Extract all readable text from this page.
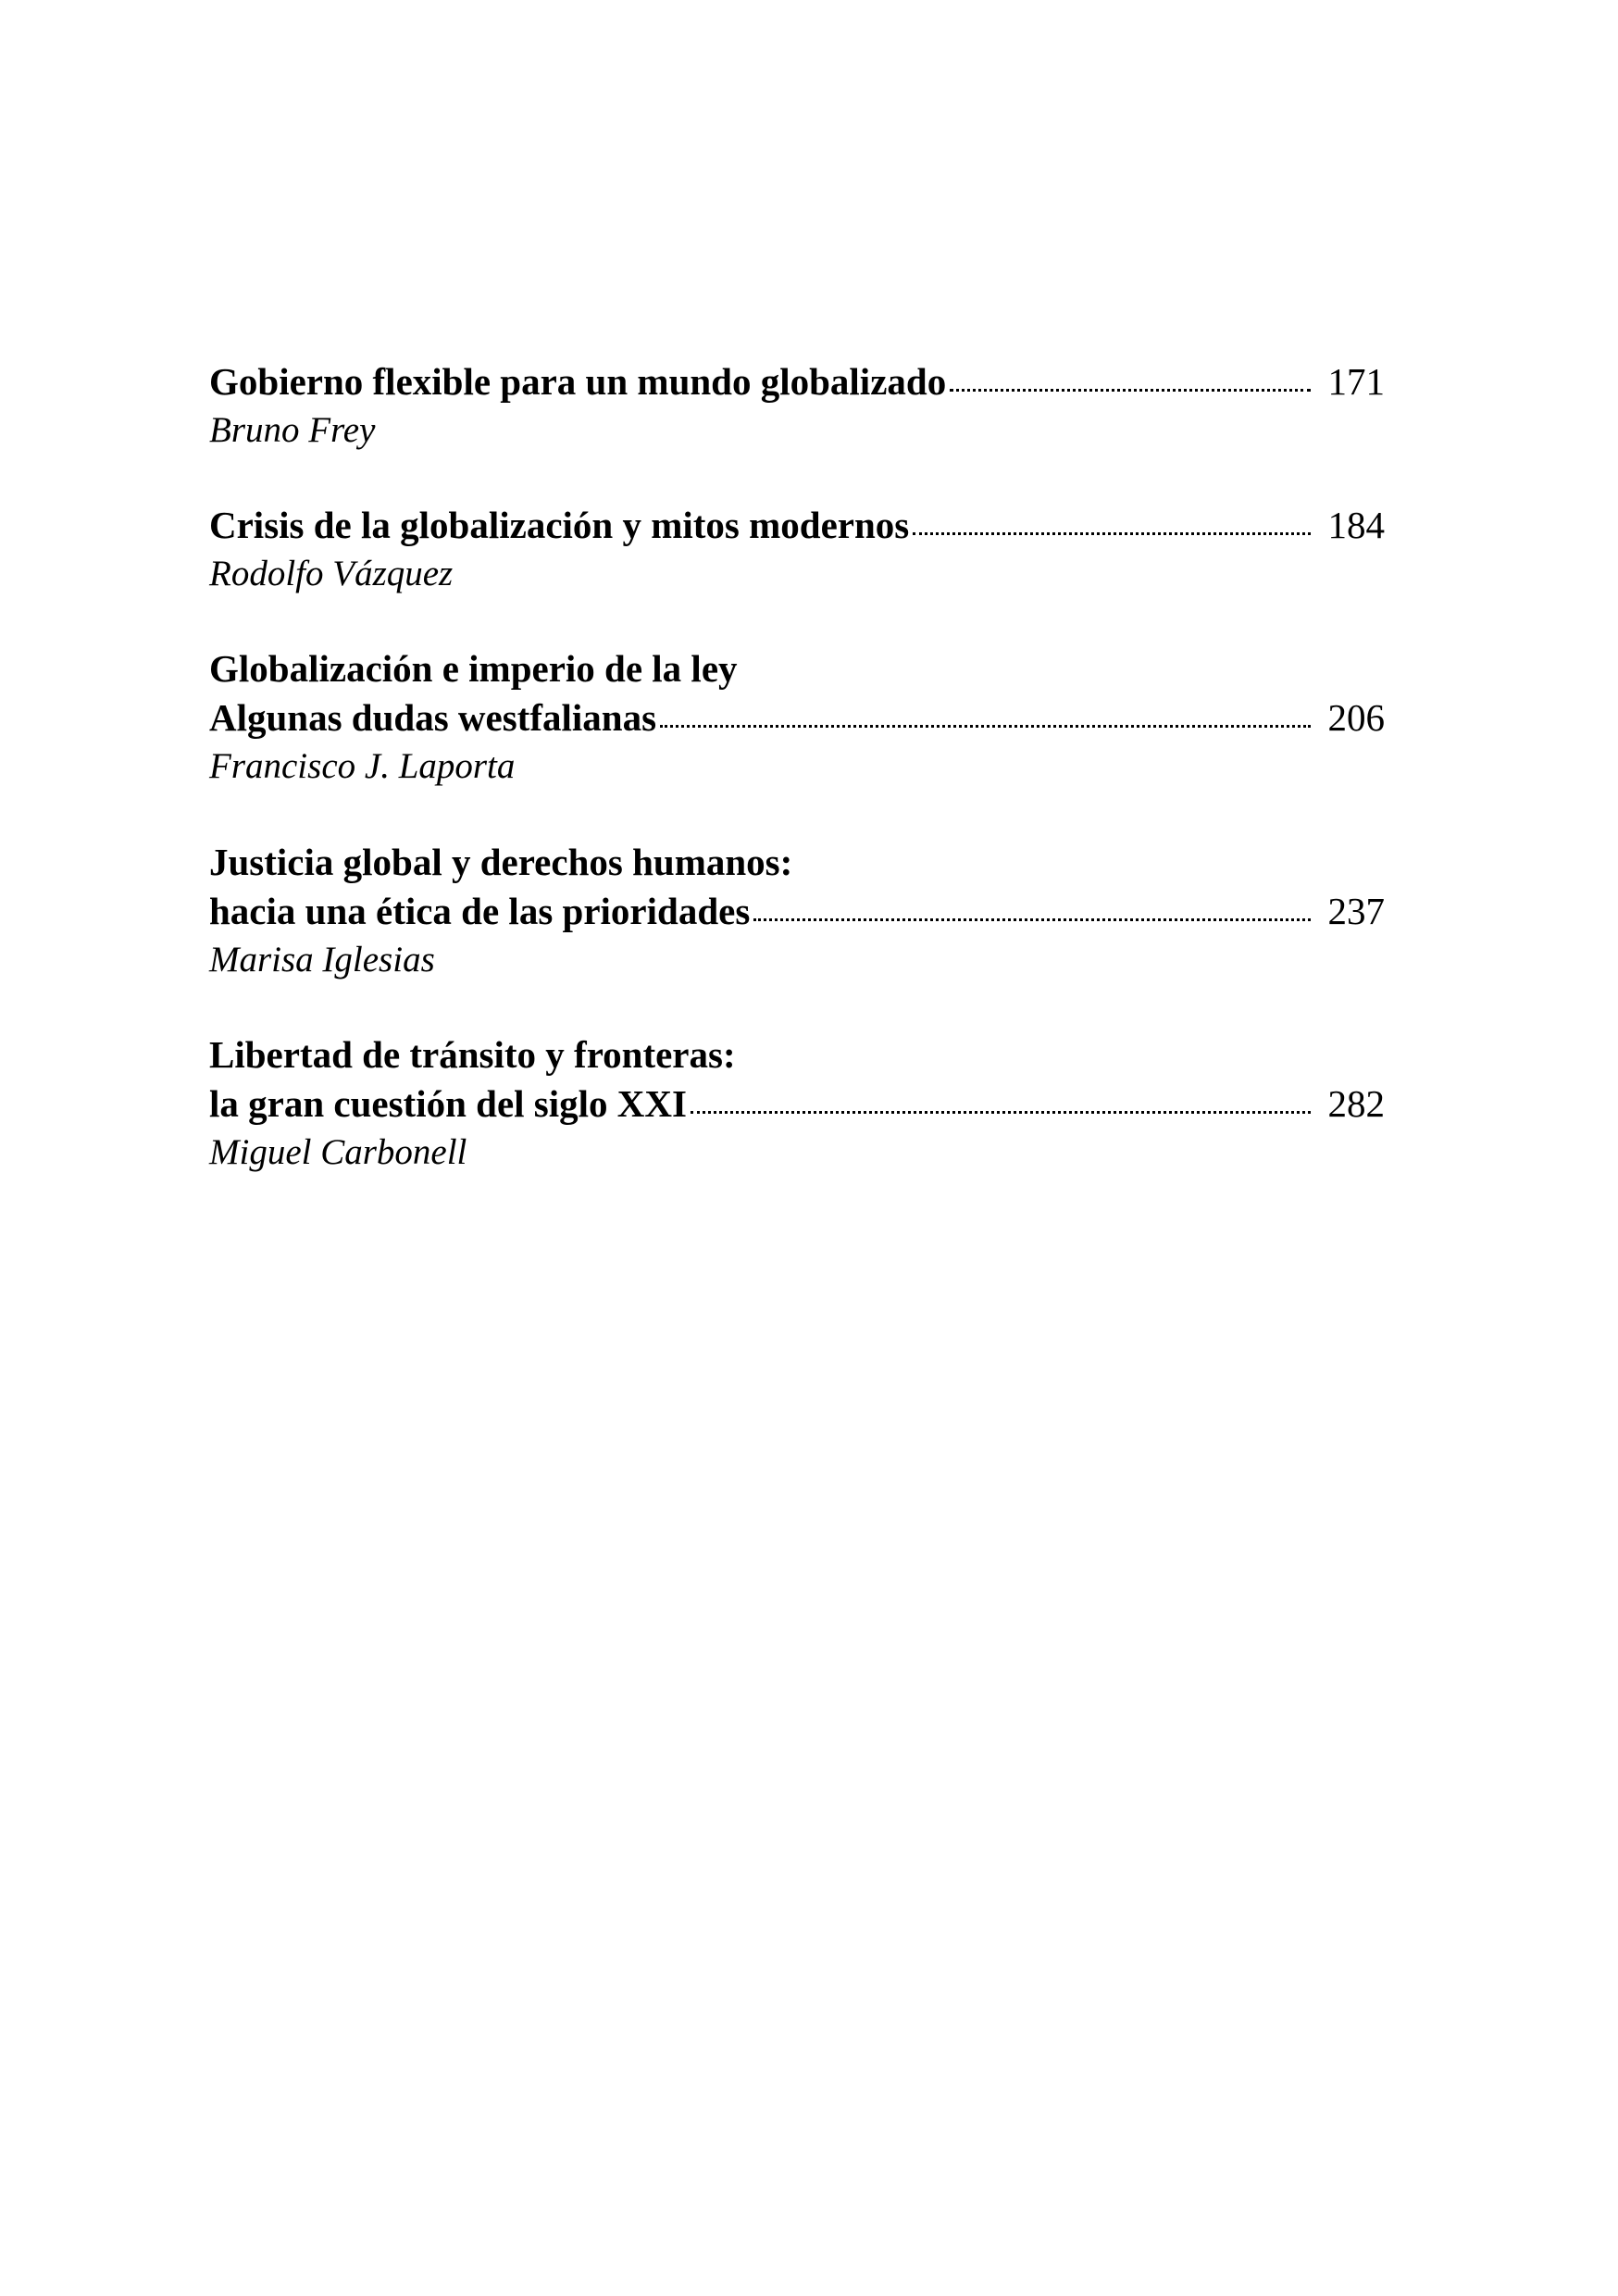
Gobierno flexible para un mundo globalizado	171
Bruno Frey
Crisis de la globalización y mitos modernos	184
Rodolfo Vázquez
Globalización e imperio de la ley
Algunas dudas westfalianas	206
Francisco J. Laporta
Justicia global y derechos humanos:
hacia una ética de las prioridades	237
Marisa Iglesias
Libertad de tránsito y fronteras:
la gran cuestión del siglo XXI	282
Miguel Carbonell
